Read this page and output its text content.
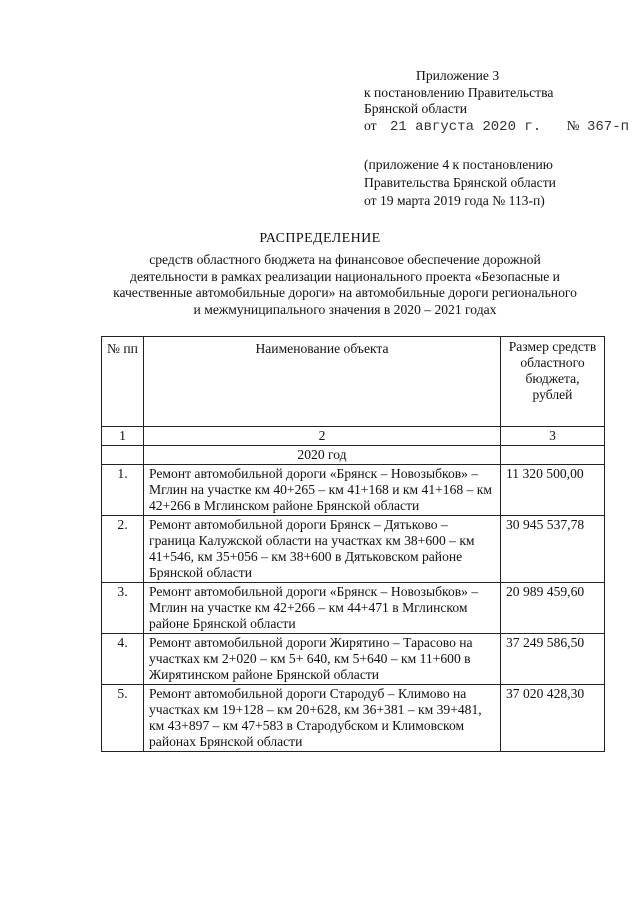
Приложение 3
к постановлению Правительства
Брянской области
от 21 августа 2020 г. № 367-п
(приложение 4 к постановлению
Правительства Брянской области
от 19 марта 2019 года № 113-п)
РАСПРЕДЕЛЕНИЕ
средств областного бюджета на финансовое обеспечение дорожной деятельности в рамках реализации национального проекта «Безопасные и качественные автомобильные дороги» на автомобильные дороги регионального и межмуниципального значения в 2020 – 2021 годах
№ пп	Наименование объекта	Размер средств областного бюджета, рублей
1	2	3
	2020 год	
1.	Ремонт автомобильной дороги «Брянск – Новозыбков» – Мглин на участке км 40+265 – км 41+168 и км 41+168 – км 42+266 в Мглинском районе Брянской области	11 320 500,00
2.	Ремонт автомобильной дороги Брянск – Дятьково – граница Калужской области на участках км 38+600 – км 41+546, км 35+056 – км 38+600 в Дятьковском районе Брянской области	30 945 537,78
3.	Ремонт автомобильной дороги «Брянск – Новозыбков» – Мглин на участке км 42+266 – км 44+471 в Мглинском районе Брянской области	20 989 459,60
4.	Ремонт автомобильной дороги Жирятино – Тарасово на участках км 2+020 – км 5+ 640, км 5+640 – км 11+600 в Жирятинском районе Брянской области	37 249 586,50
5.	Ремонт автомобильной дороги Стародуб – Климово на участках км 19+128 – км 20+628, км 36+381 – км 39+481, км 43+897 – км 47+583 в Стародубском и Климовском районах Брянской области	37 020 428,30
